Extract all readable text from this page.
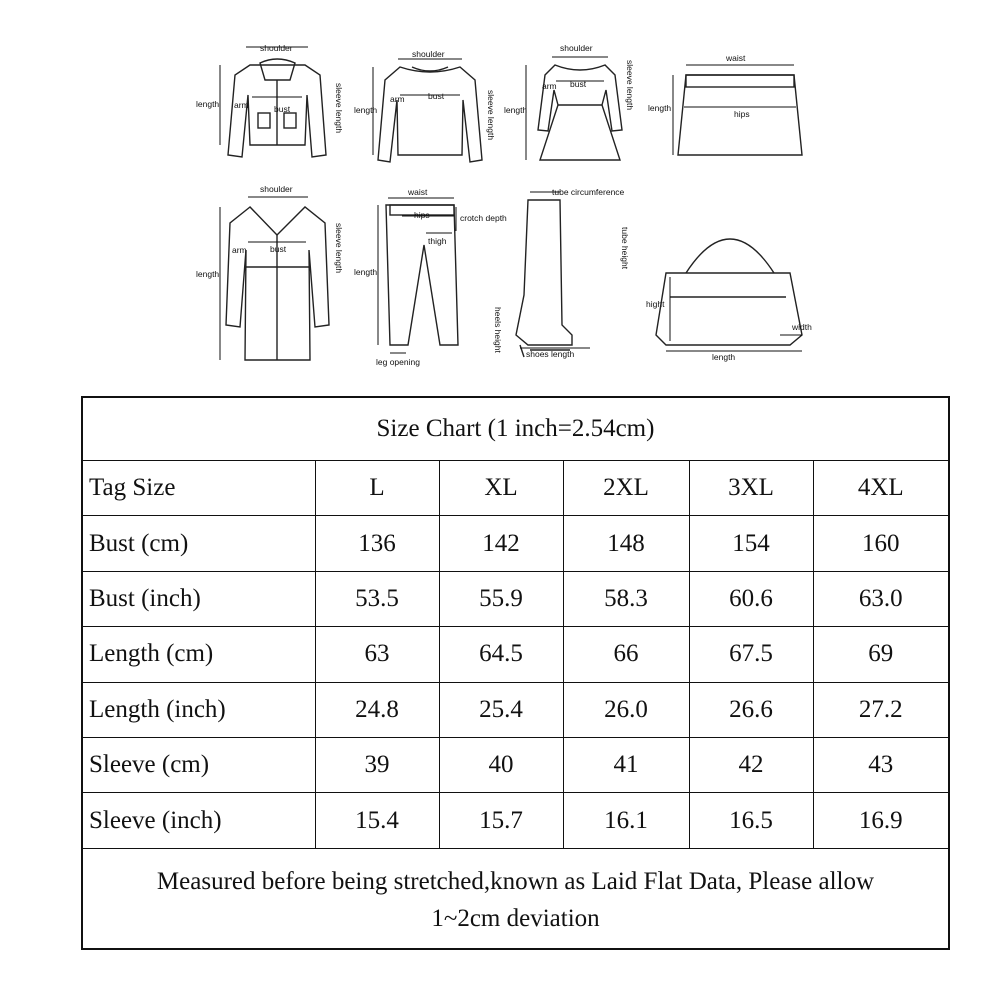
shoulder
length arm	bust	sleeve length
shoulder
length
arm	bust	sleeve length
shoulder
length
arm bust	sleeve length
waist
length
hips
shoulder
length
arm	bust	sleeve length
waist
hips	crotch depth
thigh
length
leg opening
tube circumference
tube height
heels height
shoes length
hight
width
length
Size Chart (1 inch=2.54cm)
Tag Size	L	XL	2XL	3XL	4XL
Bust (cm)	136	142	148	154	160
Bust (inch)	53.5	55.9	58.3	60.6	63.0
Length (cm)	63	64.5	66	67.5	69
Length (inch)	24.8	25.4	26.0	26.6	27.2
Sleeve (cm)	39	40	41	42	43
Sleeve (inch)	15.4	15.7	16.1	16.5	16.9
Measured before being stretched,known as Laid Flat Data, Please allow
1~2cm deviation
